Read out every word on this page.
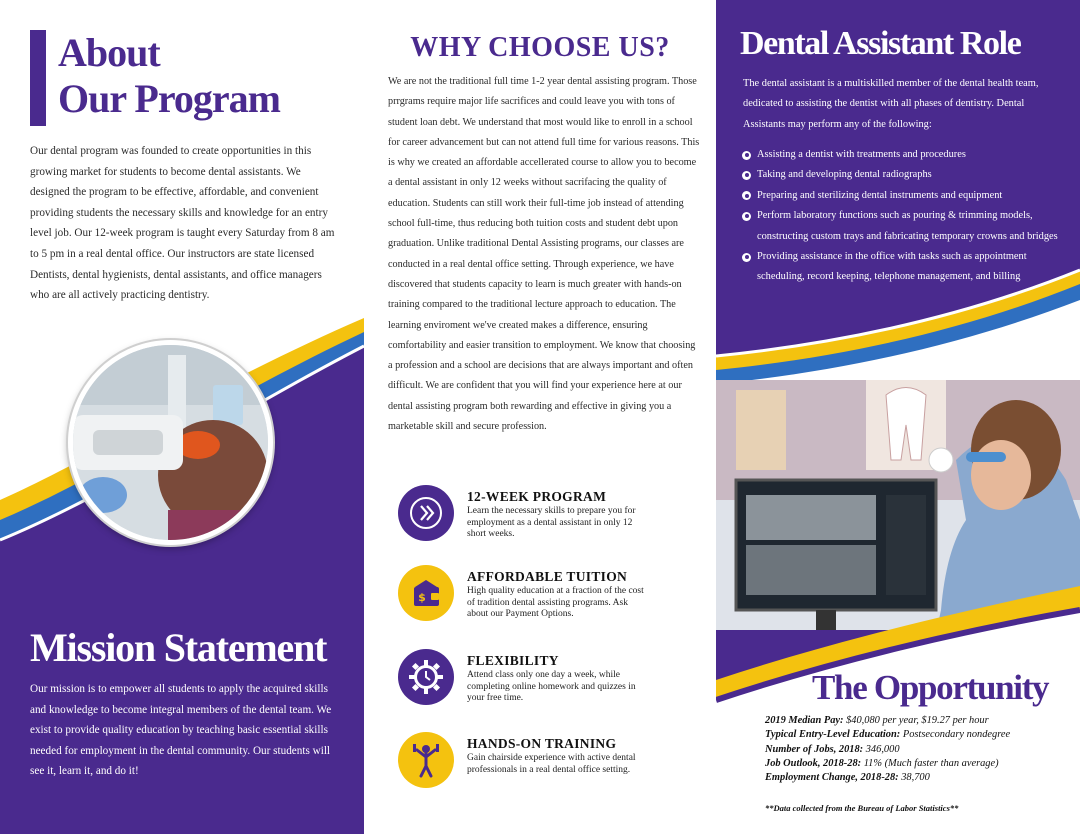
About
Our Program

Our dental program was founded to create opportunities in this growing market for students to become dental assistants. We designed the program to be effective, affordable, and convenient providing students the necessary skills and knowledge for an entry level job. Our 12-week program is taught every Saturday from 8 am to 5 pm in a real dental office. Our instructors are state licensed Dentists, dental hygienists, dental assistants, and office managers who are all actively practicing dentistry.

Mission Statement

Our mission is to empower all students to apply the acquired skills and knowledge to become integral members of the dental team. We exist to provide quality education by teaching basic essential skills needed for employment in the dental community. Our students will see it, learn it, and do it!

WHY CHOOSE US?

We are not the traditional full time 1-2 year dental assisting program. Those prrgrams require major life sacrifices and could leave you with tons of student loan debt. We understand that most would like to enroll in a school for career advancement but can not attend full time for various reasons. This is why we created an affordable accellerated course to allow you to become a dental assistant in only 12 weeks without sacrifacing the quality of education. Students can still work their full-time job instead of attending school full-time, thus reducing both tuition costs and student debt upon graduation. Unlike traditional Dental Assisting programs, our classes are conducted in a real dental office setting. Through experience, we have discovered that students capacity to learn is much greater with hands-on training compared to the traditional lecture approach to education. The learning enviroment we've created makes a difference, ensuring comfortability and easier transition to employment. We know that choosing a profession and a school are decisions that are always important and often difficult. We are confident that you will find your experience here at our dental assisting program both rewarding and effective in giving you a marketable skill and secure profession.

12-WEEK PROGRAM
Learn the necessary skills to prepare you for employment as a dental assistant in only 12 short weeks.
$
AFFORDABLE TUITION
High quality education at a fraction of the cost of tradition dental assisting programs. Ask about our Payment Options.
FLEXIBILITY
Attend class only one day a week, while completing online homework and quizzes in your free time.
HANDS-ON TRAINING
Gain chairside experience with active dental professionals in a real dental office setting.
Dental Assistant Role

The dental assistant is a multiskilled member of the dental health team, dedicated to assisting the dentist with all phases of dentistry. Dental Assistants may perform any of the following:

Assisting a dentist with treatments and procedures
Taking and developing dental radiographs
Preparing and sterilizing dental instruments and equipment
Perform laboratory functions such as pouring & trimming models, constructing custom trays and fabricating temporary crowns and bridges
Providing assistance in the office with tasks such as appointment scheduling, record keeping, telephone management, and billing
The Opportunity
2019 Median Pay: $40,080 per year, $19.27 per hour
Typical Entry-Level Education: Postsecondary nondegree
Number of Jobs, 2018: 346,000
Job Outlook, 2018-28: 11% (Much faster than average)
Employment Change, 2018-28: 38,700
**Data collected from the Bureau of Labor Statistics**
